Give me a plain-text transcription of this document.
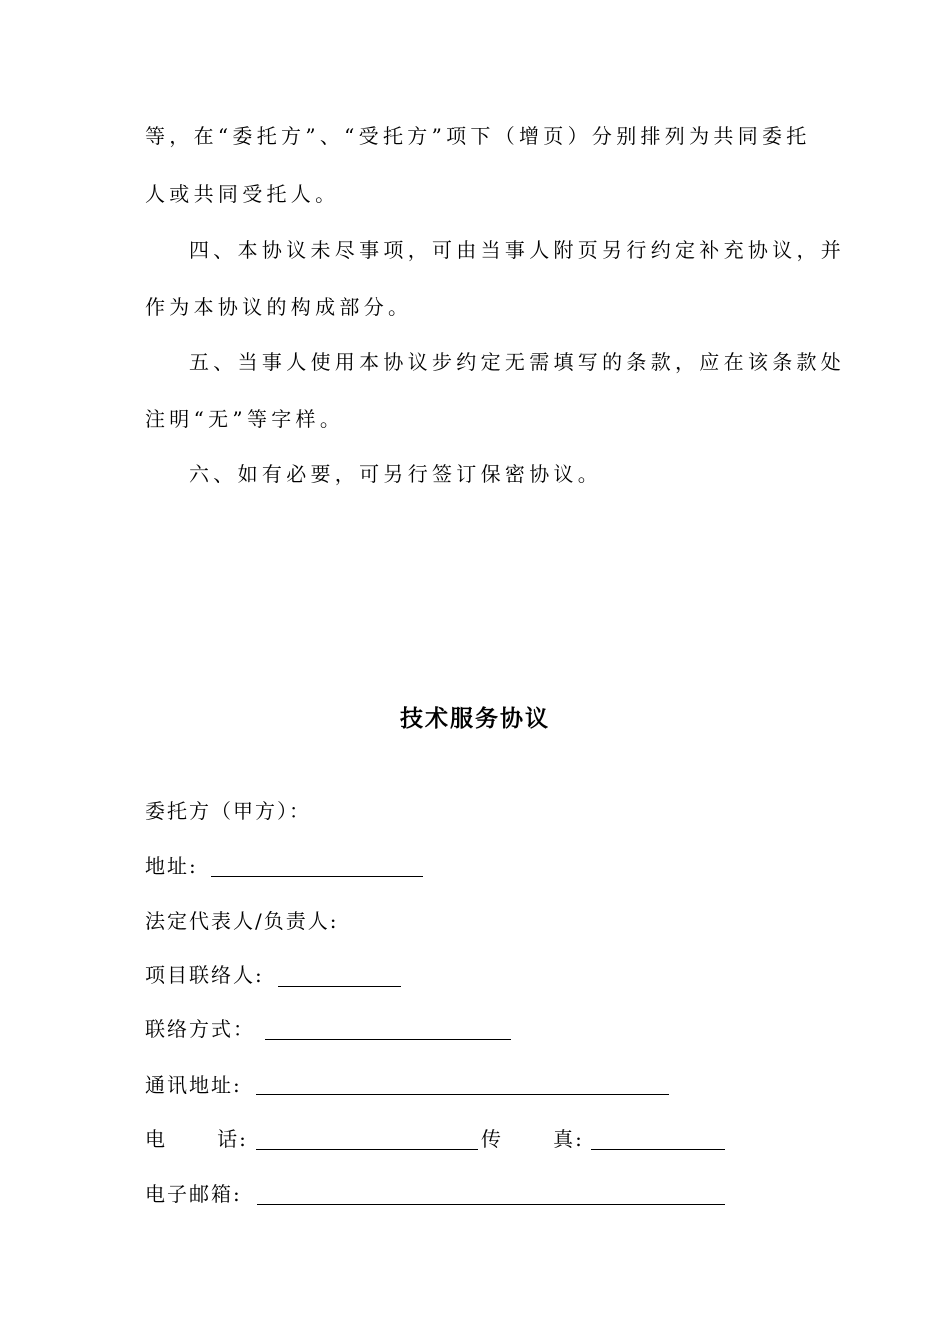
等，在“委托方”、“受托方”项下（增页）分别排列为共同委托
人或共同受托人。
四、本协议未尽事项，可由当事人附页另行约定补充协议，并
作为本协议的构成部分。
五、当事人使用本协议步约定无需填写的条款，应在该条款处
注明“无”等字样。
六、如有必要，可另行签订保密协议。
技术服务协议
委托方（甲方）：
地址:
法定代表人/负责人:
项目联络人:
联络方式：
通讯地址:
电      话:	传      真:
电子邮箱:
